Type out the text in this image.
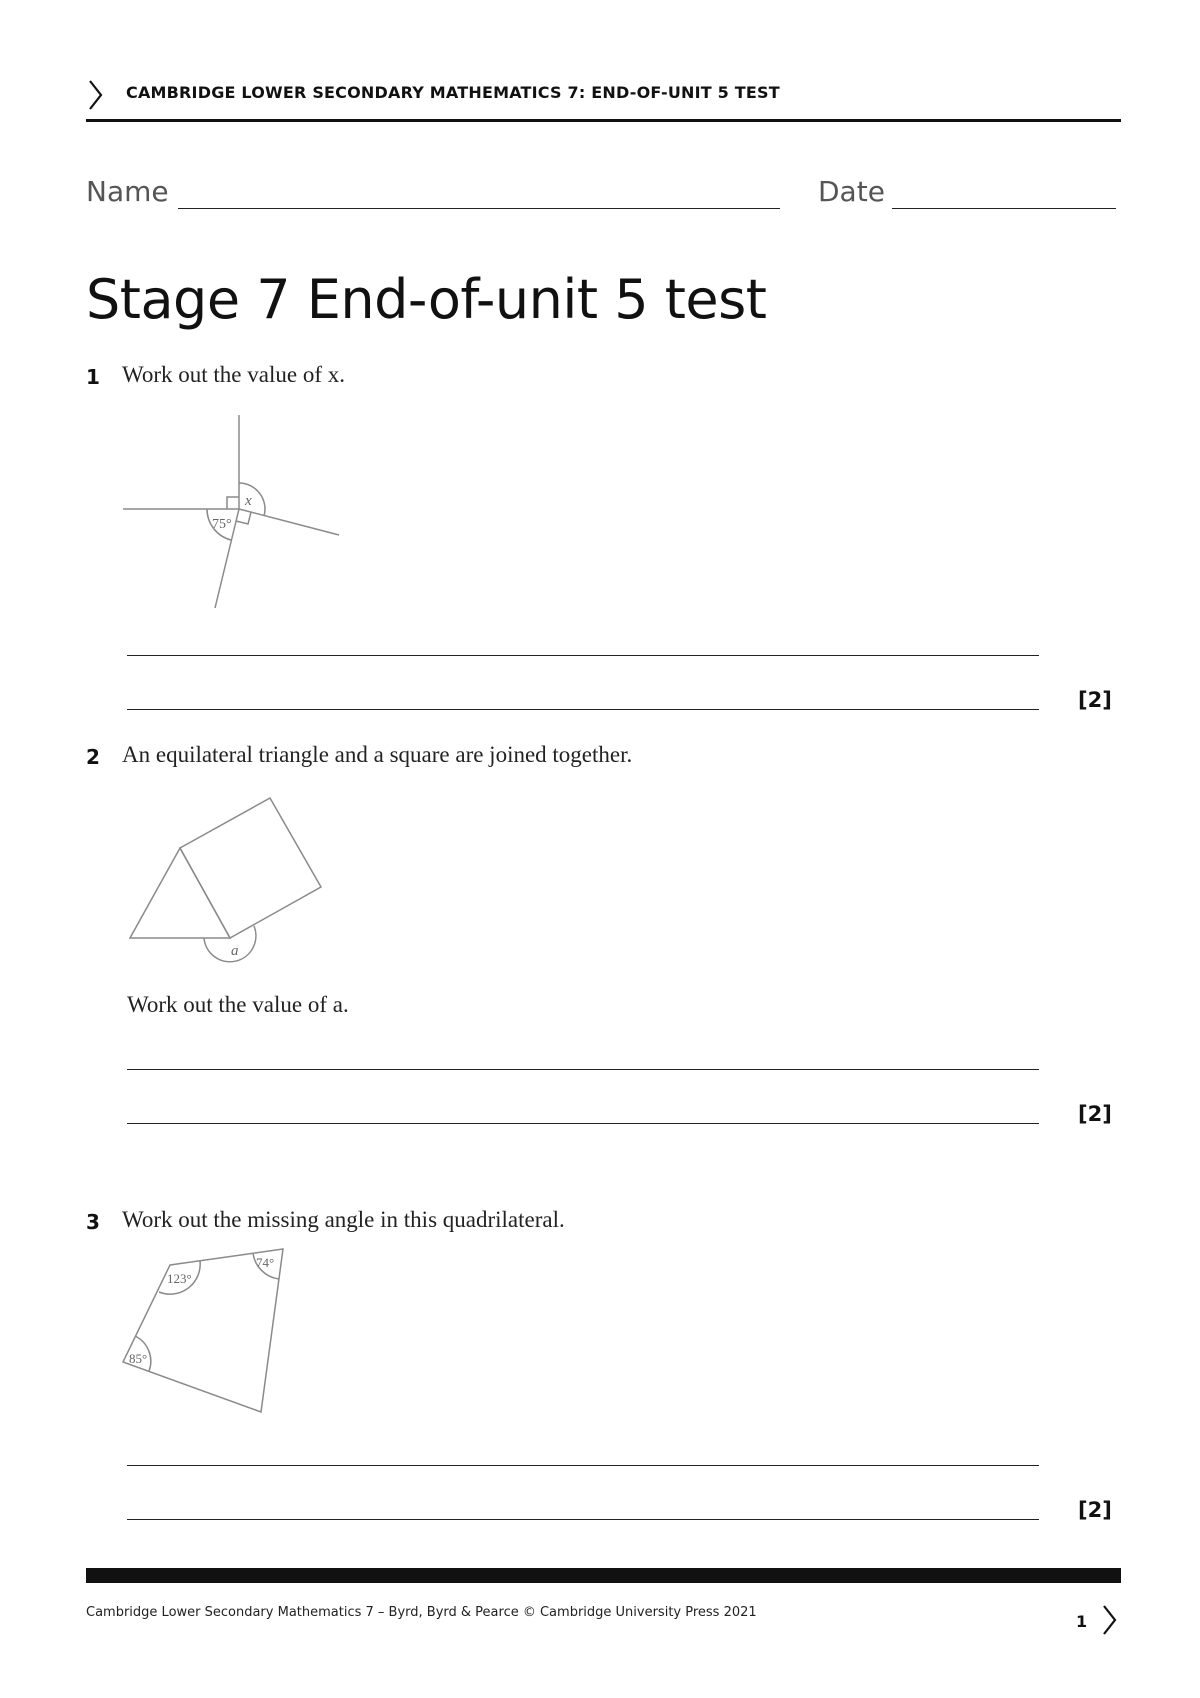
CAMBRIDGE LOWER SECONDARY MATHEMATICS 7: END-OF-UNIT 5 TEST
Name	Date
Stage 7 End-of-unit 5 test
1 Work out the value of x.
x
75°
[2]
2 An equilateral triangle and a square are joined together.
a
Work out the value of a.
[2]
3 Work out the missing angle in this quadrilateral.
123°
74°
85°
[2]
Cambridge Lower Secondary Mathematics 7 – Byrd, Byrd & Pearce © Cambridge University Press 2021	1
